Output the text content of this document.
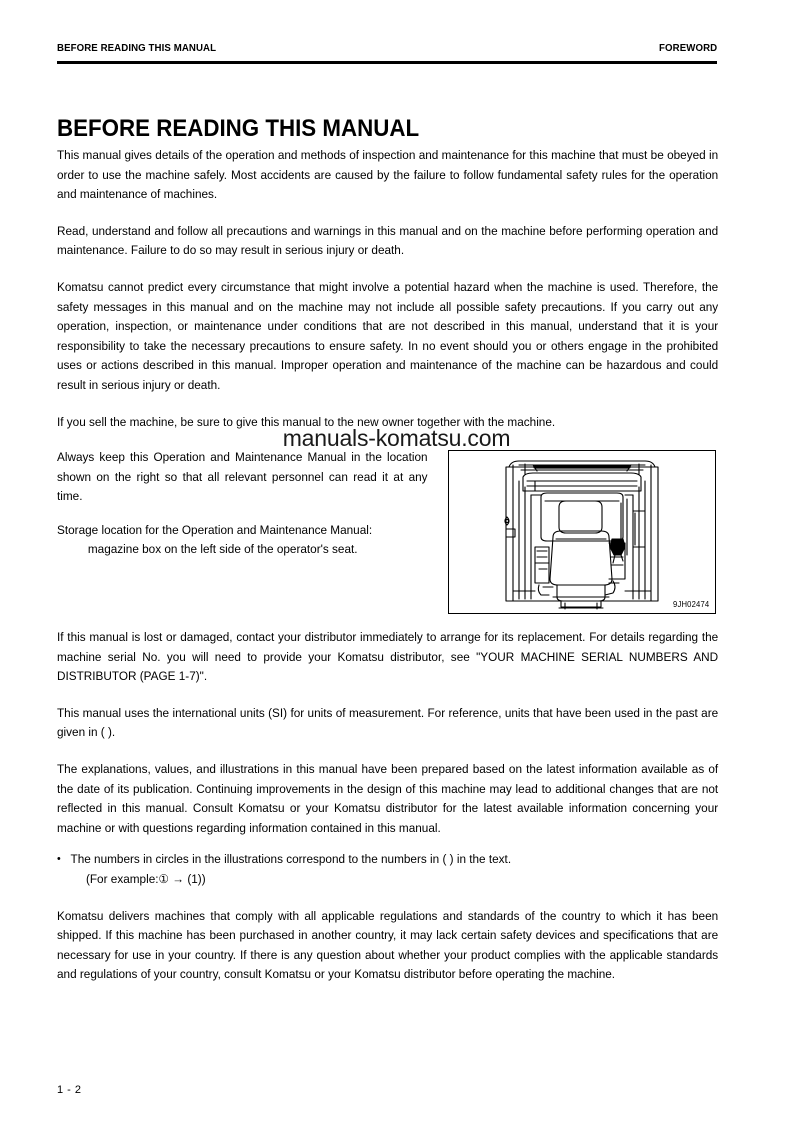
BEFORE READING THIS MANUAL	FOREWORD
BEFORE READING THIS MANUAL

This manual gives details of the operation and methods of inspection and maintenance for this machine that must be obeyed in order to use the machine safely. Most accidents are caused by the failure to follow fundamental safety rules for the operation and maintenance of machines.

Read, understand and follow all precautions and warnings in this manual and on the machine before performing operation and maintenance. Failure to do so may result in serious injury or death.

Komatsu cannot predict every circumstance that might involve a potential hazard when the machine is used. Therefore, the safety messages in this manual and on the machine may not include all possible safety precautions. If you carry out any operation, inspection, or maintenance under conditions that are not described in this manual, understand that it is your responsibility to take the necessary precautions to ensure safety. In no event should you or others engage in the prohibited uses or actions described in this manual. Improper operation and maintenance of the machine can be hazardous and could result in serious injury or death.

If you sell the machine, be sure to give this manual to the new owner together with the machine.

manuals-komatsu.com
Always keep this Operation and Maintenance Manual in the location shown on the right so that all relevant personnel can read it at any time.
Storage location for the Operation and Maintenance Manual:
magazine box on the left side of the operator's seat.
9JH02474

If this manual is lost or damaged, contact your distributor immediately to arrange for its replacement. For details regarding the machine serial No. you will need to provide your Komatsu distributor, see "YOUR MACHINE SERIAL NUMBERS AND DISTRIBUTOR (PAGE 1-7)".

This manual uses the international units (SI) for units of measurement. For reference, units that have been used in the past are given in ( ).

The explanations, values, and illustrations in this manual have been prepared based on the latest information available as of the date of its publication. Continuing improvements in the design of this machine may lead to additional changes that are not reflected in this manual. Consult Komatsu or your Komatsu distributor for the latest available information concerning your machine or with questions regarding information contained in this manual.

• The numbers in circles in the illustrations correspond to the numbers in ( ) in the text.
(For example:① → (1))

Komatsu delivers machines that comply with all applicable regulations and standards of the country to which it has been shipped. If this machine has been purchased in another country, it may lack certain safety devices and specifications that are necessary for use in your country. If there is any question about whether your product complies with the applicable standards and regulations of your country, consult Komatsu or your Komatsu distributor before operating the machine.

1 - 2
